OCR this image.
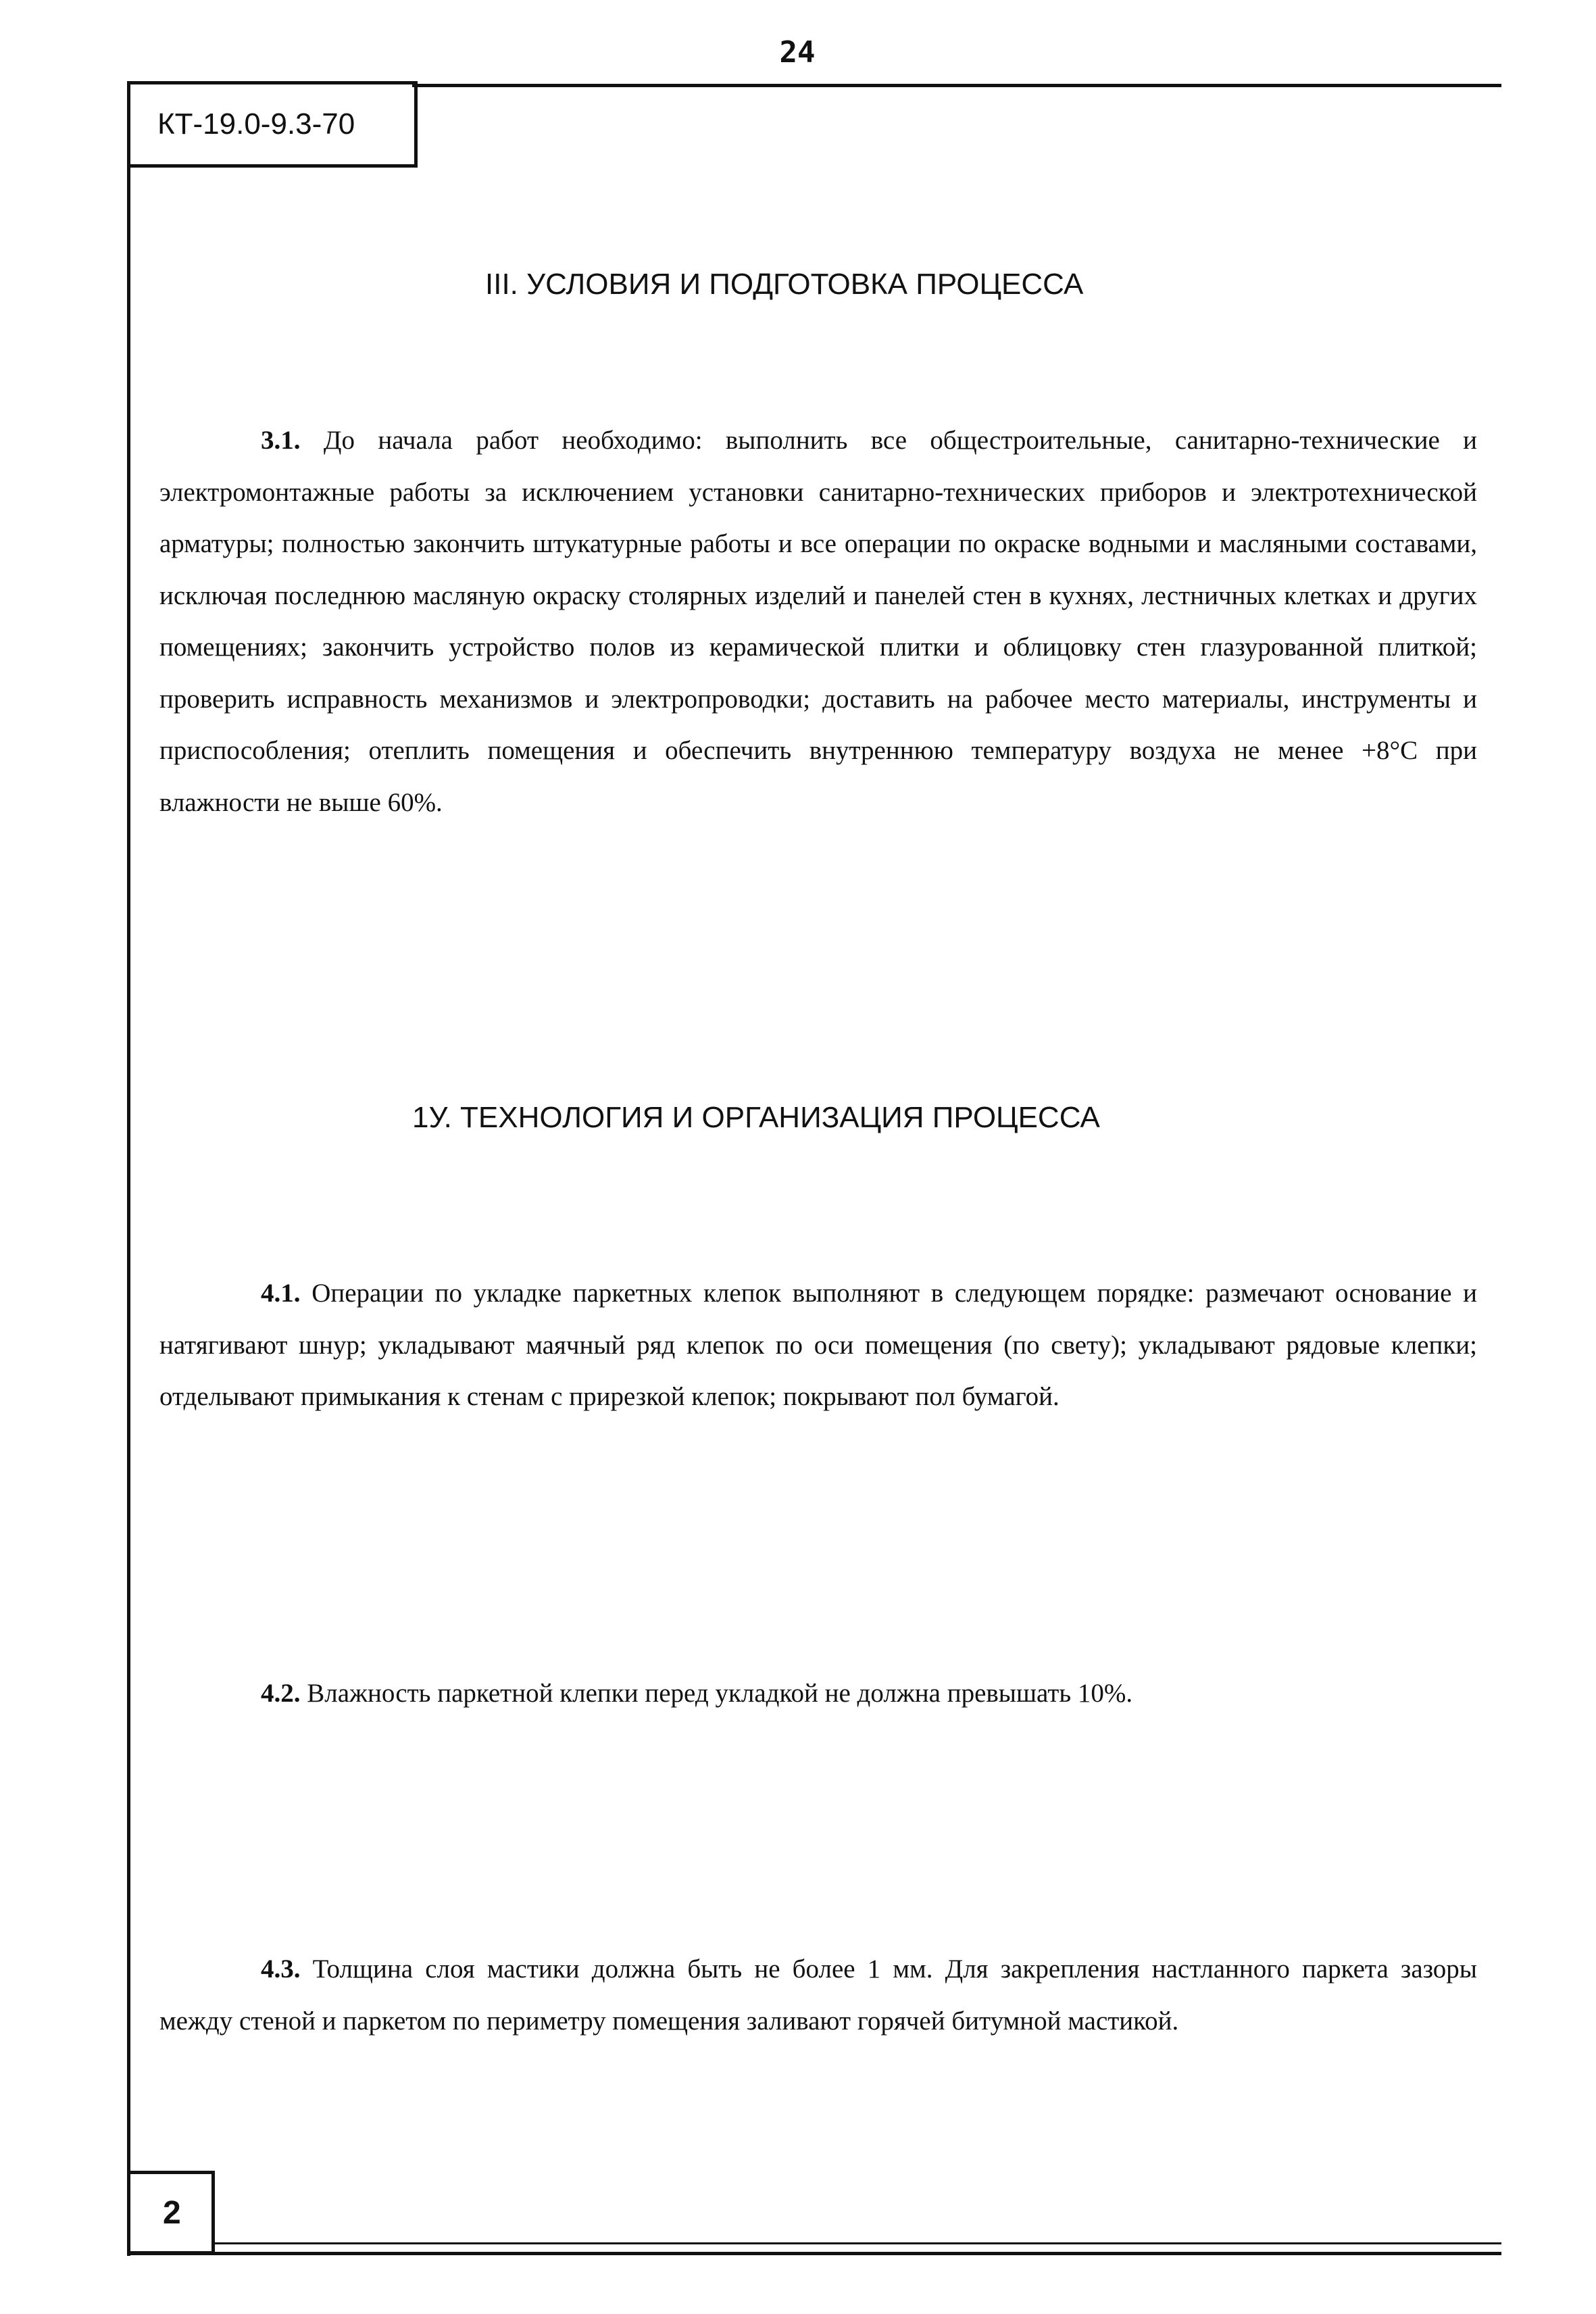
24
КТ-19.0-9.3-70
2
III. УСЛОВИЯ И ПОДГОТОВКА ПРОЦЕССА
3.1. До начала работ необходимо: выполнить все общестроительные, санитарно-технические и электромонтажные работы за исключением установки санитарно-технических приборов и электротехнической арматуры; полностью закончить штукатурные работы и все операции по окраске водными и масляными составами, исключая последнюю масляную окраску столярных изделий и панелей стен в кухнях, лестничных клетках и других помещениях; закончить устройство полов из керамической плитки и облицовку стен глазурованной плиткой; проверить исправность механизмов и электропроводки; доставить на рабочее место материалы, инструменты и приспособления; отеплить помещения и обеспечить внутреннюю температуру воздуха не менее +8°С при влажности не выше 60%.
1У. ТЕХНОЛОГИЯ И ОРГАНИЗАЦИЯ ПРОЦЕССА
4.1. Операции по укладке паркетных клепок выполняют в следующем порядке: размечают основание и натягивают шнур; укладывают маячный ряд клепок по оси помещения (по свету); укладывают рядовые клепки; отделывают примыкания к стенам с прирезкой клепок; покрывают пол бумагой.
4.2. Влажность паркетной клепки перед укладкой не должна превышать 10%.
4.3. Толщина слоя мастики должна быть не более 1 мм. Для закрепления настланного паркета зазоры между стеной и паркетом по периметру помещения заливают горячей битумной мастикой.
